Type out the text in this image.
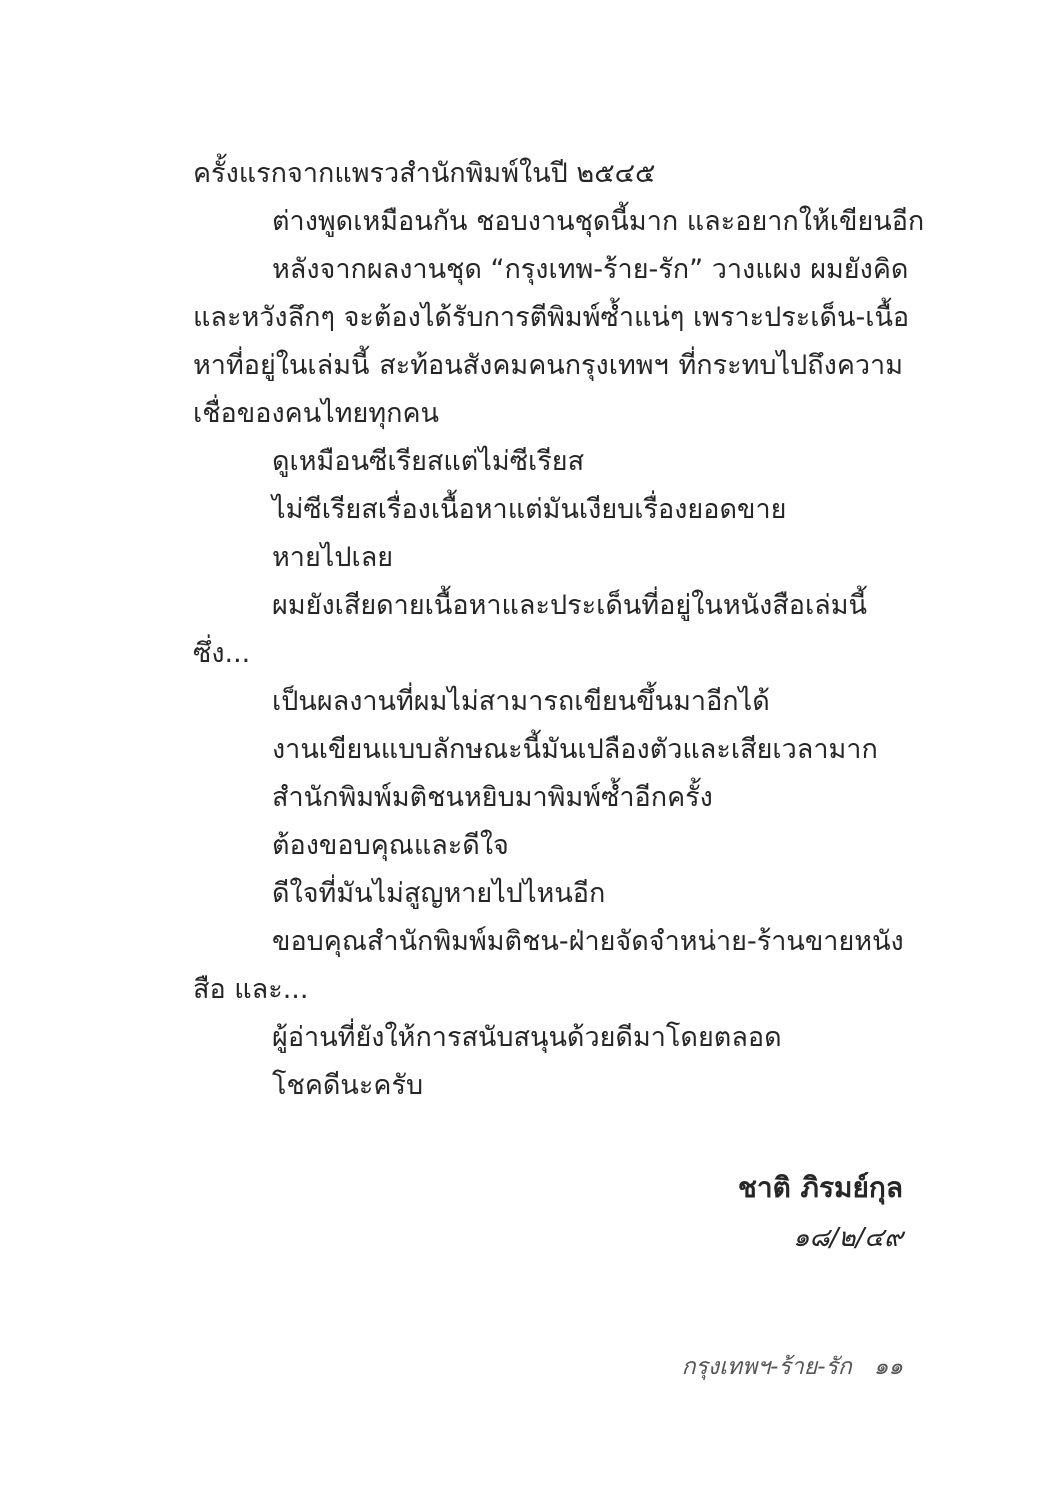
ครั้งแรกจากแพรวสำนักพิมพ์ในปี ๒๕๔๕
ต่างพูดเหมือนกัน ชอบงานชุดนี้มาก และอยากให้เขียนอีก
หลังจากผลงานชุด “กรุงเทพ-ร้าย-รัก” วางแผง ผมยังคิด
และหวังลึกๆ จะต้องได้รับการตีพิมพ์ซ้ำแน่ๆ เพราะประเด็น-เนื้อ
หาที่อยู่ในเล่มนี้ สะท้อนสังคมคนกรุงเทพฯ ที่กระทบไปถึงความ
เชื่อของคนไทยทุกคน
ดูเหมือนซีเรียสแต่ไม่ซีเรียส
ไม่ซีเรียสเรื่องเนื้อหาแต่มันเงียบเรื่องยอดขาย
หายไปเลย
ผมยังเสียดายเนื้อหาและประเด็นที่อยู่ในหนังสือเล่มนี้
ซึ่ง...
เป็นผลงานที่ผมไม่สามารถเขียนขึ้นมาอีกได้
งานเขียนแบบลักษณะนี้มันเปลืองตัวและเสียเวลามาก
สำนักพิมพ์มติชนหยิบมาพิมพ์ซ้ำอีกครั้ง
ต้องขอบคุณและดีใจ
ดีใจที่มันไม่สูญหายไปไหนอีก
ขอบคุณสำนักพิมพ์มติชน-ฝ่ายจัดจำหน่าย-ร้านขายหนัง
สือ และ...
ผู้อ่านที่ยังให้การสนับสนุนด้วยดีมาโดยตลอด
โชคดีนะครับ
ชาติ ภิรมย์กุล
๑๘/๒/๔๙
กรุงเทพฯ-ร้าย-รัก ๑๑
